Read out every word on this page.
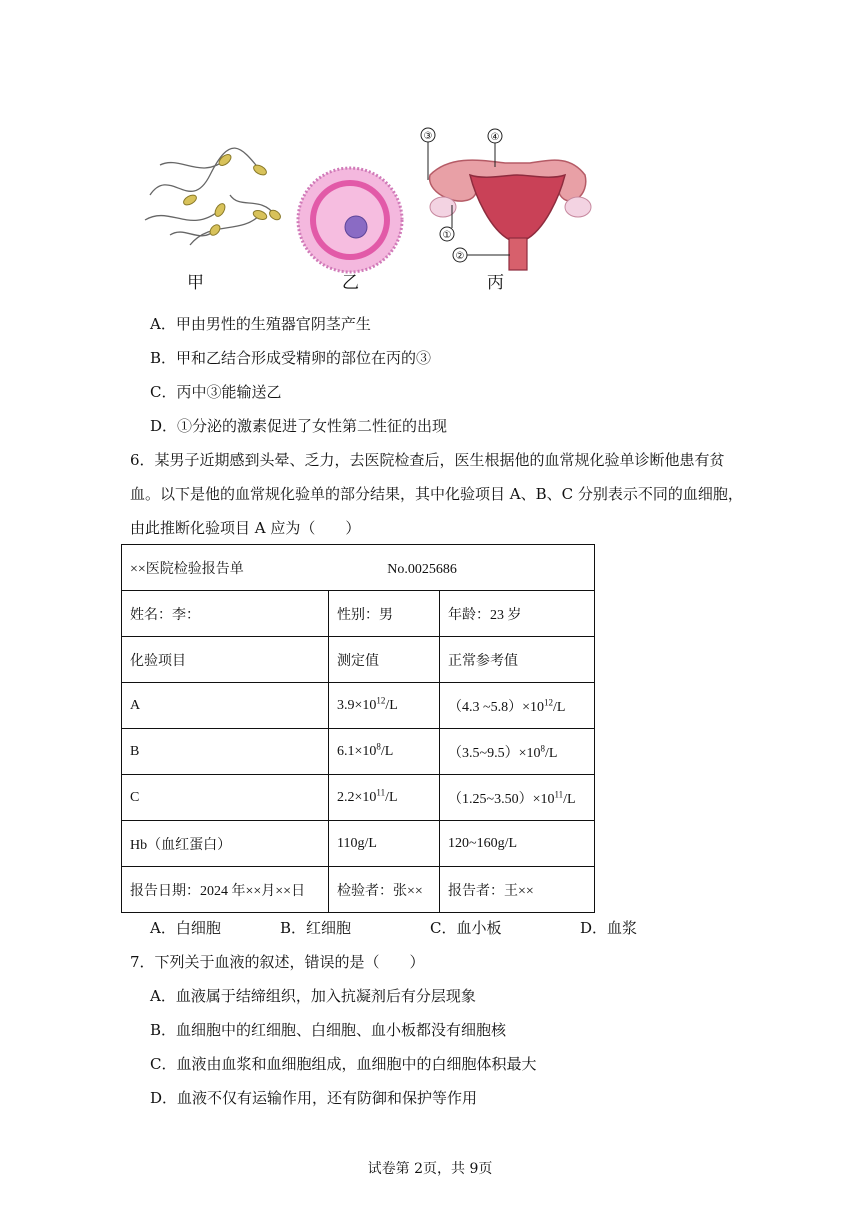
③	④
①
②
甲	乙	丙
A．甲由男性的生殖器官阴茎产生
B．甲和乙结合形成受精卵的部位在丙的③
C．丙中③能输送乙
D．①分泌的激素促进了女性第二性征的出现
6．某男子近期感到头晕、乏力，去医院检查后，医生根据他的血常规化验单诊断他患有贫
血。以下是他的血常规化验单的部分结果，其中化验项目 A、B、C 分别表示不同的血细胞，
由此推断化验项目 A 应为（　　）
××医院检验报告单 No.0025686		
姓名：李：	性别：男	年龄：23 岁
化验项目	测定值	正常参考值
A	$3.9\times 10^{12}/L$	（4.3 $\sim 5.8)\times 10^{12}/L$
B	$6.1\times 10^8/L$	$(3.5\sim 9.5)\times 10^8/L$
C	$2.2\times 10^{11}/L$	$(1.25\sim 3.50)\times 10^{11}/L$
Hb（血红蛋白）	110g/L	120~160g/L
报告日期：2024 年××月××日	检验者：张××	报告者：王××
A．白细胞	B．红细胞	C．血小板	D．血浆
7．下列关于血液的叙述，错误的是（　　）
A．血液属于结缔组织，加入抗凝剂后有分层现象
B．血细胞中的红细胞、白细胞、血小板都没有细胞核
C．血液由血浆和血细胞组成，血细胞中的白细胞体积最大
D．血液不仅有运输作用，还有防御和保护等作用
试卷第 2页，共 9页
